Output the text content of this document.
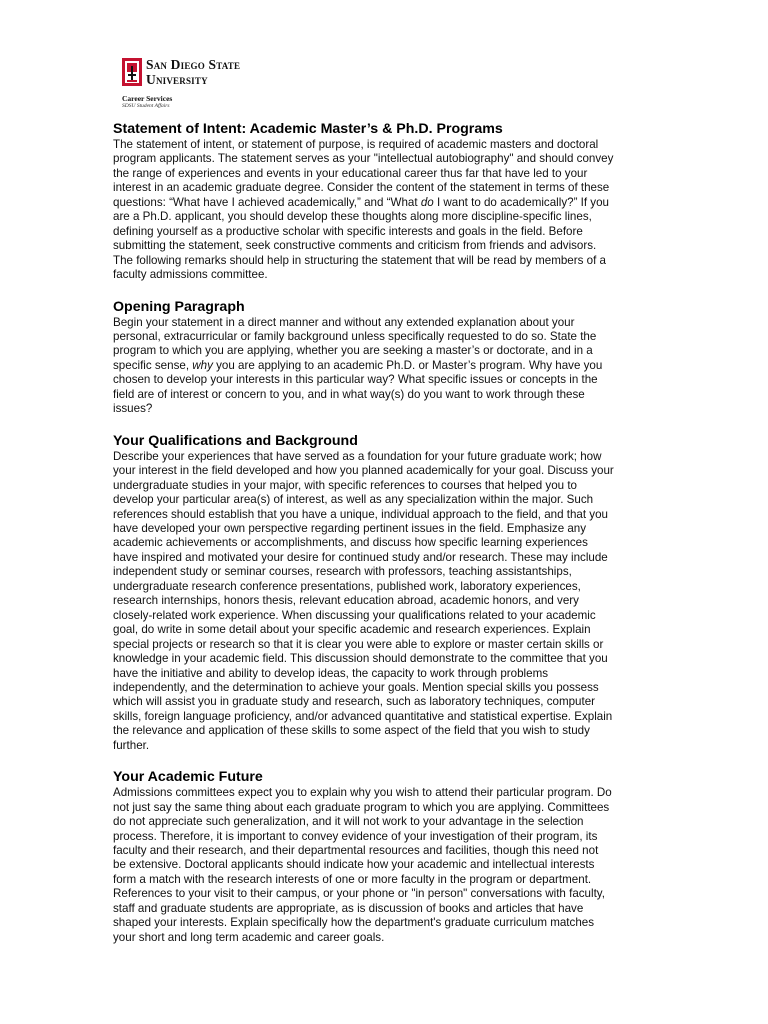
San Diego State
University
Career Services
SDSU Student Affairs
Statement of Intent: Academic Master’s & Ph.D. Programs

The statement of intent, or statement of purpose, is required of academic masters and doctoral
program applicants. The statement serves as your "intellectual autobiography" and should convey
the range of experiences and events in your educational career thus far that have led to your
interest in an academic graduate degree. Consider the content of the statement in terms of these
questions: “What have I achieved academically,” and “What do I want to do academically?” If you
are a Ph.D. applicant, you should develop these thoughts along more discipline-specific lines,
defining yourself as a productive scholar with specific interests and goals in the field. Before
submitting the statement, seek constructive comments and criticism from friends and advisors.
The following remarks should help in structuring the statement that will be read by members of a
faculty admissions committee.

Opening Paragraph

Begin your statement in a direct manner and without any extended explanation about your
personal, extracurricular or family background unless specifically requested to do so. State the
program to which you are applying, whether you are seeking a master’s or doctorate, and in a
specific sense, why you are applying to an academic Ph.D. or Master’s program. Why have you
chosen to develop your interests in this particular way? What specific issues or concepts in the
field are of interest or concern to you, and in what way(s) do you want to work through these
issues?

Your Qualifications and Background

Describe your experiences that have served as a foundation for your future graduate work; how
your interest in the field developed and how you planned academically for your goal. Discuss your
undergraduate studies in your major, with specific references to courses that helped you to
develop your particular area(s) of interest, as well as any specialization within the major. Such
references should establish that you have a unique, individual approach to the field, and that you
have developed your own perspective regarding pertinent issues in the field. Emphasize any
academic achievements or accomplishments, and discuss how specific learning experiences
have inspired and motivated your desire for continued study and/or research. These may include
independent study or seminar courses, research with professors, teaching assistantships,
undergraduate research conference presentations, published work, laboratory experiences,
research internships, honors thesis, relevant education abroad, academic honors, and very
closely-related work experience. When discussing your qualifications related to your academic
goal, do write in some detail about your specific academic and research experiences. Explain
special projects or research so that it is clear you were able to explore or master certain skills or
knowledge in your academic field. This discussion should demonstrate to the committee that you
have the initiative and ability to develop ideas, the capacity to work through problems
independently, and the determination to achieve your goals. Mention special skills you possess
which will assist you in graduate study and research, such as laboratory techniques, computer
skills, foreign language proficiency, and/or advanced quantitative and statistical expertise. Explain
the relevance and application of these skills to some aspect of the field that you wish to study
further.

Your Academic Future

Admissions committees expect you to explain why you wish to attend their particular program. Do
not just say the same thing about each graduate program to which you are applying. Committees
do not appreciate such generalization, and it will not work to your advantage in the selection
process. Therefore, it is important to convey evidence of your investigation of their program, its
faculty and their research, and their departmental resources and facilities, though this need not
be extensive. Doctoral applicants should indicate how your academic and intellectual interests
form a match with the research interests of one or more faculty in the program or department.
References to your visit to their campus, or your phone or "in person" conversations with faculty,
staff and graduate students are appropriate, as is discussion of books and articles that have
shaped your interests. Explain specifically how the department's graduate curriculum matches
your short and long term academic and career goals.
